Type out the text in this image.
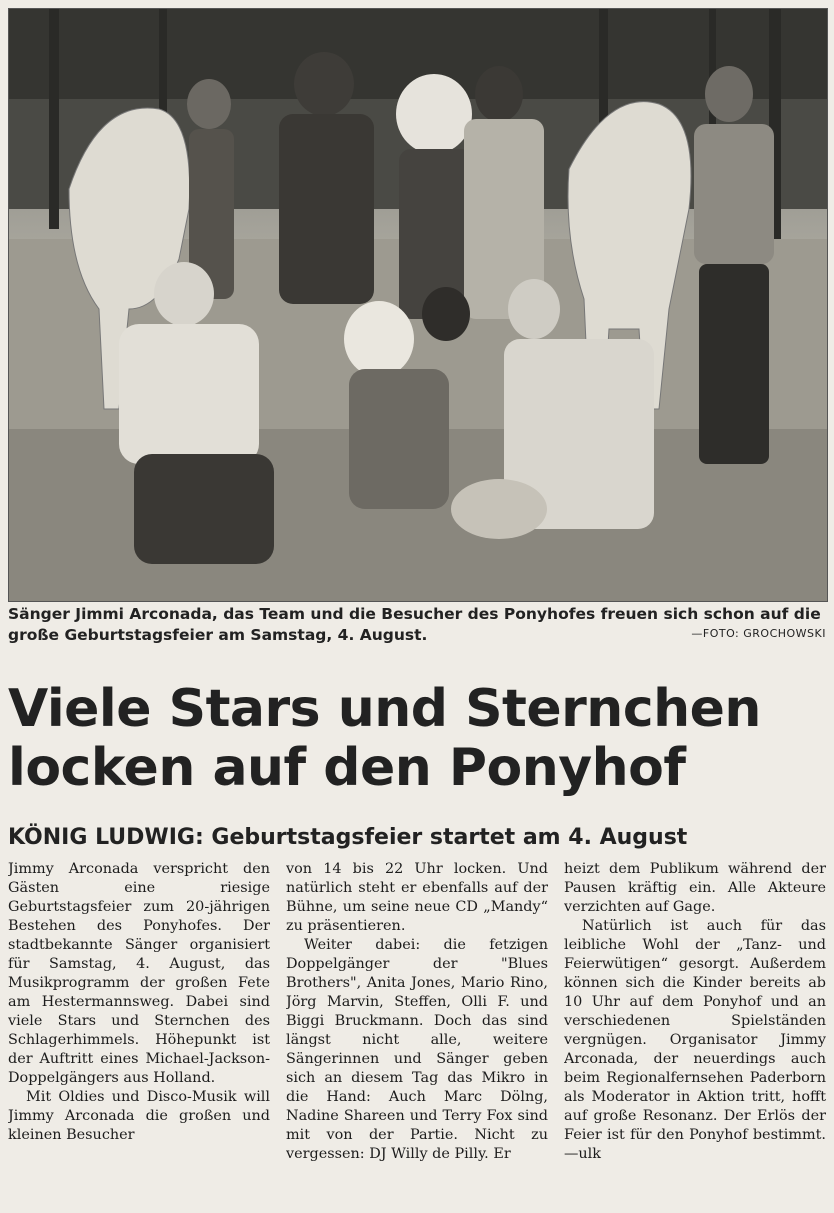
Sänger Jimmi Arconada, das Team und die Besucher des Ponyhofes freuen sich schon auf die große Geburtstagsfeier am Samstag, 4. August.	—FOTO: GROCHOWSKI
Viele Stars und Sternchen
locken auf den Ponyhof
KÖNIG LUDWIG: Geburtstagsfeier startet am 4. August

Jimmy Arconada verspricht den Gästen eine riesige Geburtstagsfeier zum 20-jährigen Bestehen des Ponyhofes. Der stadtbekannte Sänger organisiert für Samstag, 4. August, das Musikprogramm der großen Fete am Hestermannsweg. Dabei sind viele Stars und Sternchen des Schlagerhimmels. Höhepunkt ist der Auftritt eines Michael-Jackson-Doppelgängers aus Holland.

Mit Oldies und Disco-Musik will Jimmy Arconada die großen und kleinen Besucher

von 14 bis 22 Uhr locken. Und natürlich steht er ebenfalls auf der Bühne, um seine neue CD „Mandy“ zu präsentieren.

Weiter dabei: die fetzigen Doppelgänger der "Blues Brothers", Anita Jones, Mario Rino, Jörg Marvin, Steffen, Olli F. und Biggi Bruckmann. Doch das sind längst nicht alle, weitere Sängerinnen und Sänger geben sich an diesem Tag das Mikro in die Hand: Auch Marc Dölng, Nadine Shareen und Terry Fox sind mit von der Partie. Nicht zu vergessen: DJ Willy de Pilly. Er

heizt dem Publikum während der Pausen kräftig ein. Alle Akteure verzichten auf Gage.

Natürlich ist auch für das leibliche Wohl der „Tanz- und Feierwütigen“ gesorgt. Außerdem können sich die Kinder bereits ab 10 Uhr auf dem Ponyhof und an verschiedenen Spielständen vergnügen. Organisator Jimmy Arconada, der neuerdings auch beim Regionalfernsehen Paderborn als Moderator in Aktion tritt, hofft auf große Resonanz. Der Erlös der Feier ist für den Ponyhof bestimmt. —ulk
